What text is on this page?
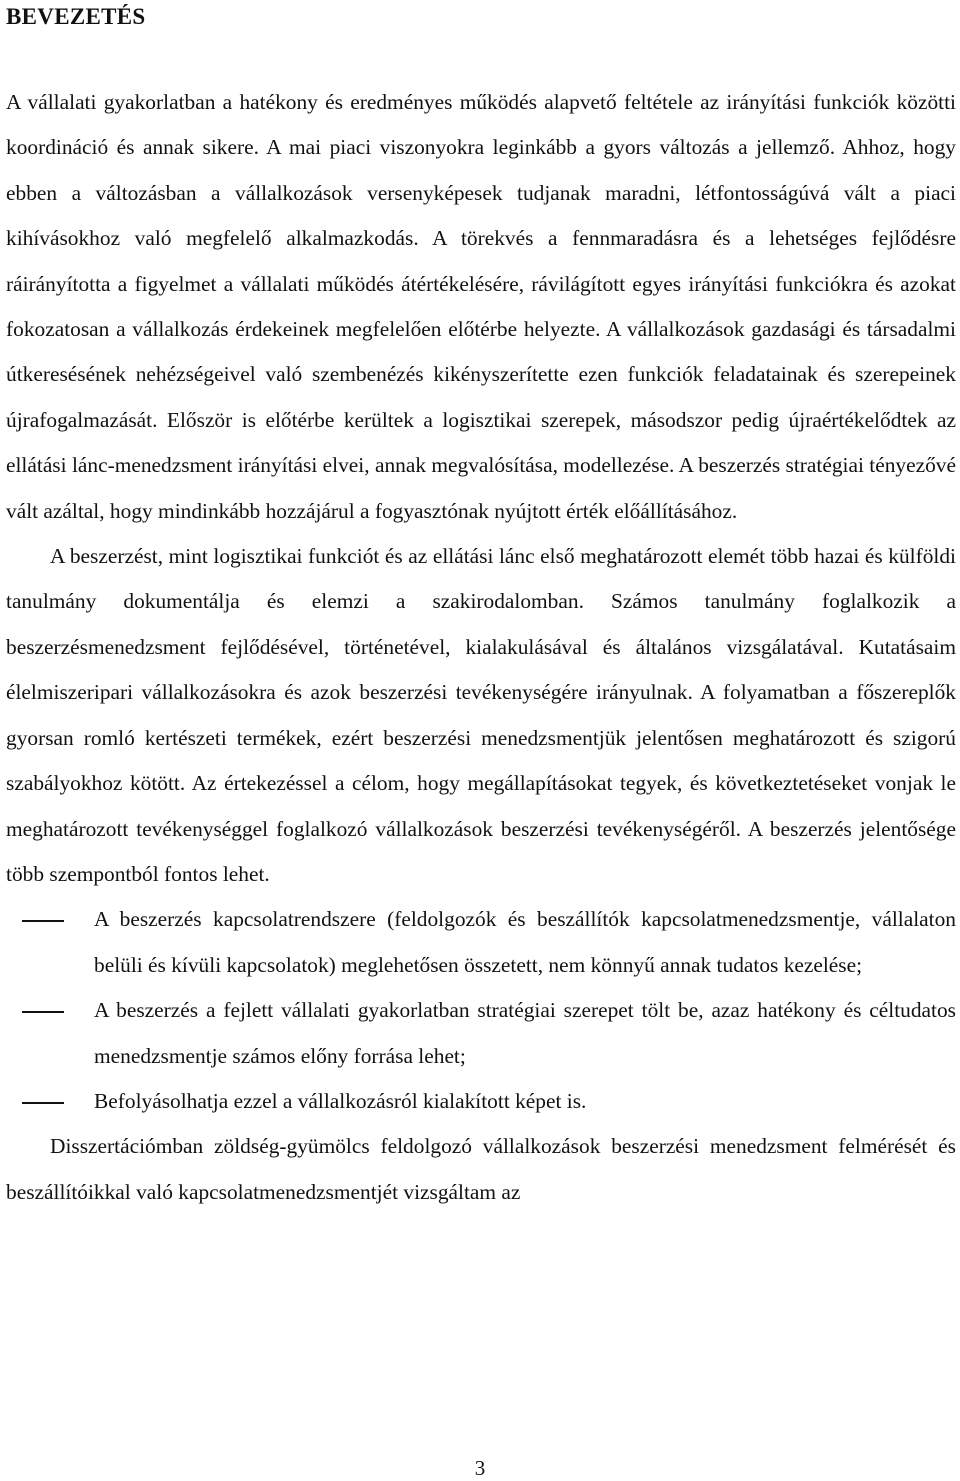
BEVEZETÉS

A vállalati gyakorlatban a hatékony és eredményes működés alapvető feltétele az irányítási funkciók közötti koordináció és annak sikere. A mai piaci viszonyokra leginkább a gyors változás a jellemző. Ahhoz, hogy ebben a változásban a vállalkozások versenyképesek tudjanak maradni, létfontosságúvá vált a piaci kihívásokhoz való megfelelő alkalmazkodás. A törekvés a fennmaradásra és a lehetséges fejlődésre ráirányította a figyelmet a vállalati működés átértékelésére, rávilágított egyes irányítási funkciókra és azokat fokozatosan a vállalkozás érdekeinek megfelelően előtérbe helyezte. A vállalkozások gazdasági és társadalmi útkeresésének nehézségeivel való szembenézés kikényszerítette ezen funkciók feladatainak és szerepeinek újrafogalmazását. Először is előtérbe kerültek a logisztikai szerepek, másodszor pedig újraértékelődtek az ellátási lánc-menedzsment irányítási elvei, annak megvalósítása, modellezése. A beszerzés stratégiai tényezővé vált azáltal, hogy mindinkább hozzájárul a fogyasztónak nyújtott érték előállításához.

A beszerzést, mint logisztikai funkciót és az ellátási lánc első meghatározott elemét több hazai és külföldi tanulmány dokumentálja és elemzi a szakirodalomban. Számos tanulmány foglalkozik a beszerzésmenedzsment fejlődésével, történetével, kialakulásával és általános vizsgálatával. Kutatásaim élelmiszeripari vállalkozásokra és azok beszerzési tevékenységére irányulnak. A folyamatban a főszereplők gyorsan romló kertészeti termékek, ezért beszerzési menedzsmentjük jelentősen meghatározott és szigorú szabályokhoz kötött. Az értekezéssel a célom, hogy megállapításokat tegyek, és következtetéseket vonjak le meghatározott tevékenységgel foglalkozó vállalkozások beszerzési tevékenységéről. A beszerzés jelentősége több szempontból fontos lehet.

A beszerzés kapcsolatrendszere (feldolgozók és beszállítók kapcsolatmenedzsmentje, vállalaton belüli és kívüli kapcsolatok) meglehetősen összetett, nem könnyű annak tudatos kezelése;
A beszerzés a fejlett vállalati gyakorlatban stratégiai szerepet tölt be, azaz hatékony és céltudatos menedzsmentje számos előny forrása lehet;
Befolyásolhatja ezzel a vállalkozásról kialakított képet is.

Disszertációmban zöldség-gyümölcs feldolgozó vállalkozások beszerzési menedzsment felmérését és beszállítóikkal való kapcsolatmenedzsmentjét vizsgáltam az

3
